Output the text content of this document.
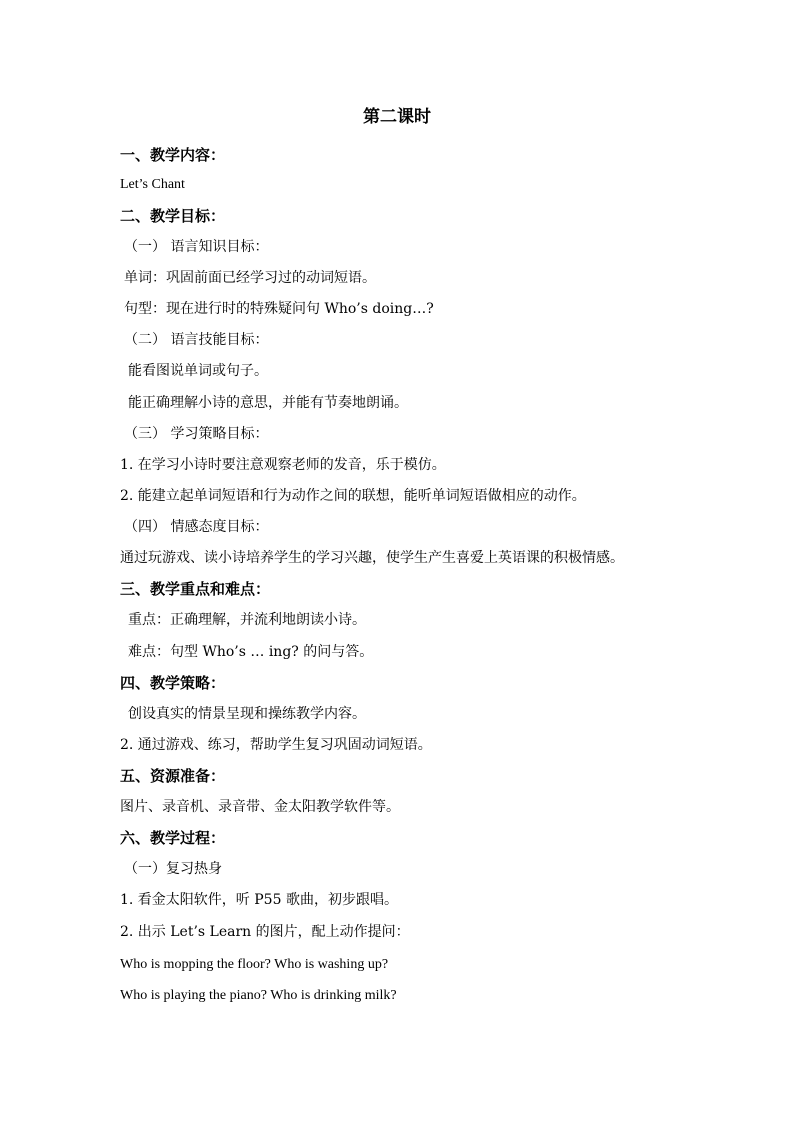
第二课时
一、教学内容：
Let’s Chant
二、教学目标：
（一） 语言知识目标：
单词：巩固前面已经学习过的动词短语。
句型：现在进行时的特殊疑问句 Who’s doing…?
（二） 语言技能目标：
能看图说单词或句子。
能正确理解小诗的意思，并能有节奏地朗诵。
（三） 学习策略目标：
1. 在学习小诗时要注意观察老师的发音，乐于模仿。
2. 能建立起单词短语和行为动作之间的联想，能听单词短语做相应的动作。
（四） 情感态度目标：
通过玩游戏、读小诗培养学生的学习兴趣，使学生产生喜爱上英语课的积极情感。
三、教学重点和难点：
重点：正确理解，并流利地朗读小诗。
难点：句型 Who’s … ing? 的问与答。
四、教学策略：
创设真实的情景呈现和操练教学内容。
2. 通过游戏、练习，帮助学生复习巩固动词短语。
五、资源准备：
图片、录音机、录音带、金太阳教学软件等。
六、教学过程：
（一）复习热身
1. 看金太阳软件，听 P55 歌曲，初步跟唱。
2. 出示 Let’s Learn 的图片，配上动作提问：
Who is mopping the floor? Who is washing up?
Who is playing the piano? Who is drinking milk?
